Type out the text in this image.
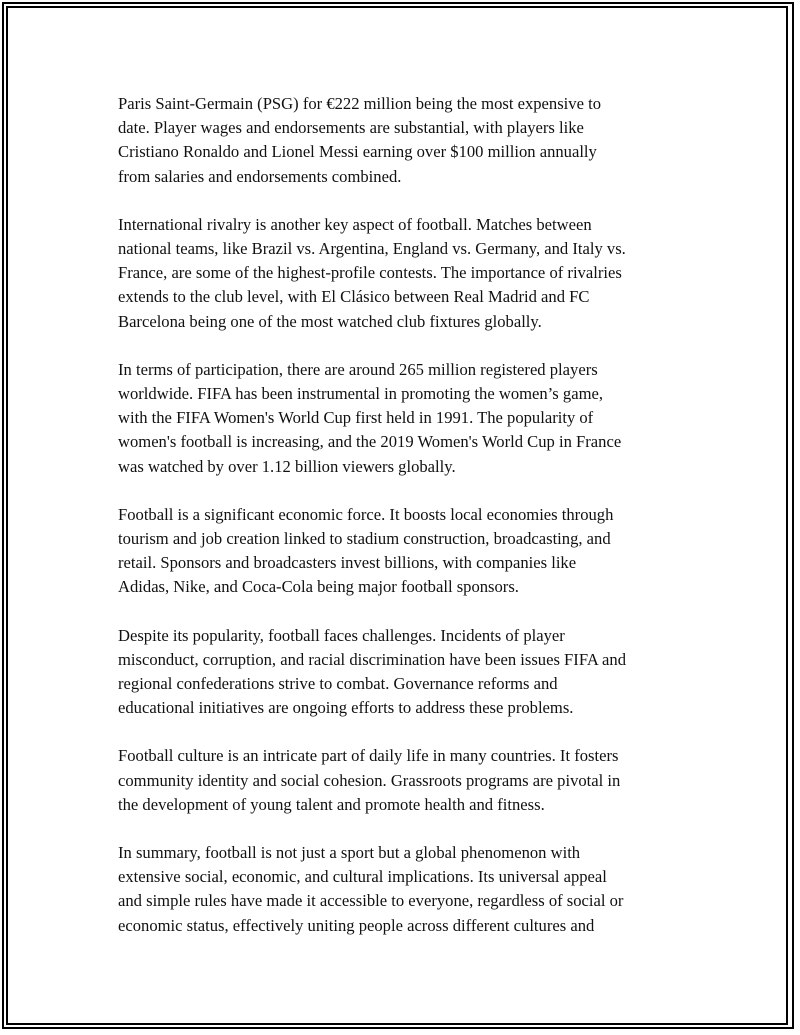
Paris Saint-Germain (PSG) for €222 million being the most expensive to
date. Player wages and endorsements are substantial, with players like
Cristiano Ronaldo and Lionel Messi earning over $100 million annually
from salaries and endorsements combined.

International rivalry is another key aspect of football. Matches between
national teams, like Brazil vs. Argentina, England vs. Germany, and Italy vs.
France, are some of the highest-profile contests. The importance of rivalries
extends to the club level, with El Clásico between Real Madrid and FC
Barcelona being one of the most watched club fixtures globally.

In terms of participation, there are around 265 million registered players
worldwide. FIFA has been instrumental in promoting the women’s game,
with the FIFA Women's World Cup first held in 1991. The popularity of
women's football is increasing, and the 2019 Women's World Cup in France
was watched by over 1.12 billion viewers globally.

Football is a significant economic force. It boosts local economies through
tourism and job creation linked to stadium construction, broadcasting, and
retail. Sponsors and broadcasters invest billions, with companies like
Adidas, Nike, and Coca-Cola being major football sponsors.

Despite its popularity, football faces challenges. Incidents of player
misconduct, corruption, and racial discrimination have been issues FIFA and
regional confederations strive to combat. Governance reforms and
educational initiatives are ongoing efforts to address these problems.

Football culture is an intricate part of daily life in many countries. It fosters
community identity and social cohesion. Grassroots programs are pivotal in
the development of young talent and promote health and fitness.

In summary, football is not just a sport but a global phenomenon with
extensive social, economic, and cultural implications. Its universal appeal
and simple rules have made it accessible to everyone, regardless of social or
economic status, effectively uniting people across different cultures and
